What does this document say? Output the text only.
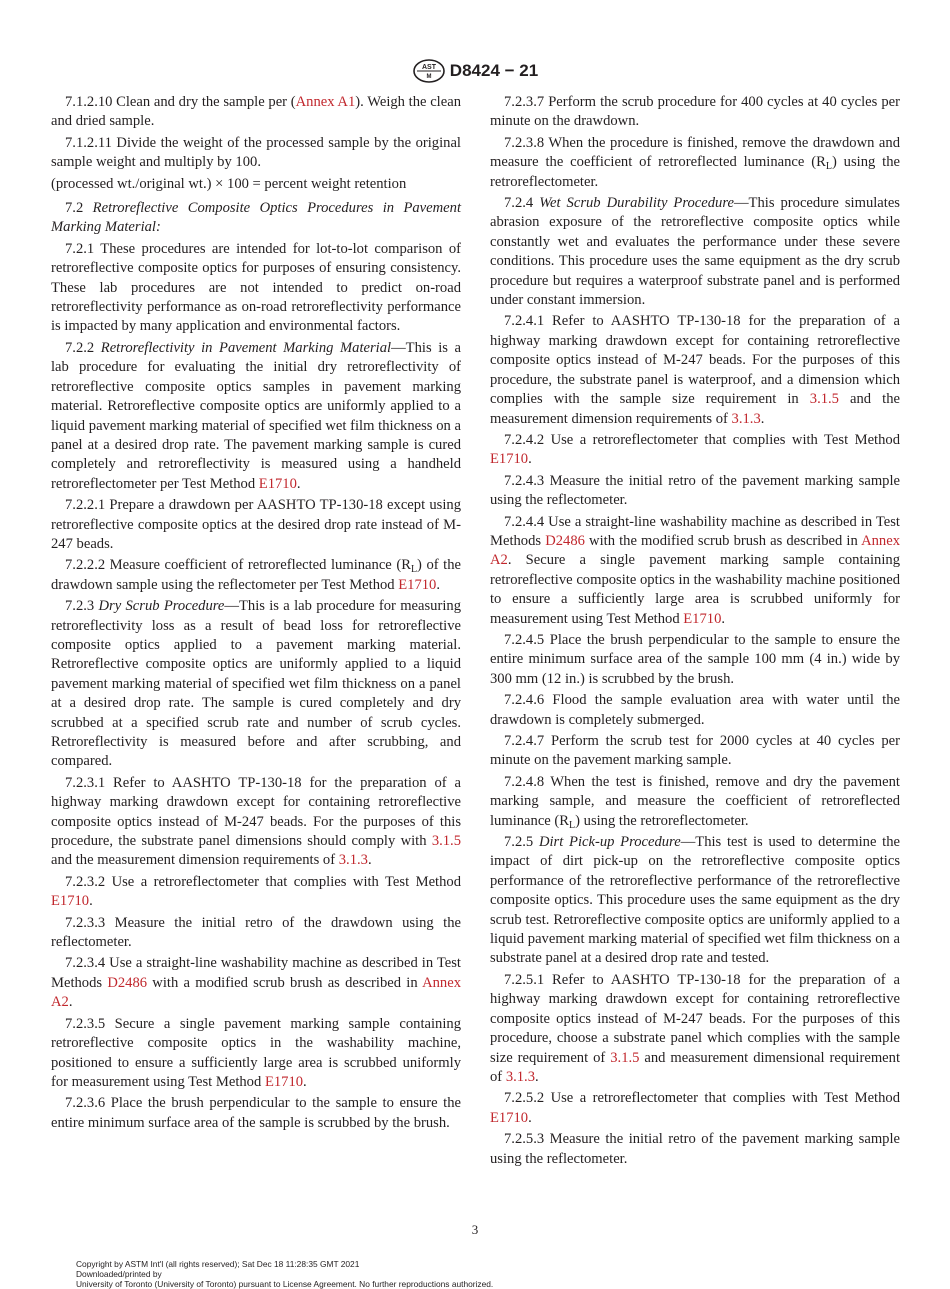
AST
M D8424 − 21

7.1.2.10 Clean and dry the sample per (Annex A1). Weigh the clean and dried sample.

7.1.2.11 Divide the weight of the processed sample by the original sample weight and multiply by 100.

(processed wt./original wt.) × 100 = percent weight retention

7.2 Retroreflective Composite Optics Procedures in Pavement Marking Material:

7.2.1 These procedures are intended for lot-to-lot comparison of retroreflective composite optics for purposes of ensuring consistency. These lab procedures are not intended to predict on-road retroreflectivity performance as on-road retroreflectivity performance is impacted by many application and environmental factors.

7.2.2 Retroreflectivity in Pavement Marking Material—This is a lab procedure for evaluating the initial dry retroreflectivity of retroreflective composite optics samples in pavement marking material. Retroreflective composite optics are uniformly applied to a liquid pavement marking material of specified wet film thickness on a panel at a desired drop rate. The pavement marking sample is cured completely and retroreflectivity is measured using a handheld retroreflectometer per Test Method E1710.

7.2.2.1 Prepare a drawdown per AASHTO TP-130-18 except using retroreflective composite optics at the desired drop rate instead of M-247 beads.

7.2.2.2 Measure coefficient of retroreflected luminance $(R_L)$ of the drawdown sample using the reflectometer per Test Method E1710.

7.2.3 Dry Scrub Procedure—This is a lab procedure for measuring retroreflectivity loss as a result of bead loss for retroreflective composite optics applied to a pavement marking material. Retroreflective composite optics are uniformly applied to a liquid pavement marking material of specified wet film thickness on a panel at a desired drop rate. The sample is cured completely and dry scrubbed at a specified scrub rate and number of scrub cycles. Retroreflectivity is measured before and after scrubbing, and compared.

7.2.3.1 Refer to AASHTO TP-130-18 for the preparation of a highway marking drawdown except for containing retroreflective composite optics instead of M-247 beads. For the purposes of this procedure, the substrate panel dimensions should comply with 3.1.5 and the measurement dimension requirements of 3.1.3.

7.2.3.2 Use a retroreflectometer that complies with Test Method E1710.

7.2.3.3 Measure the initial retro of the drawdown using the reflectometer.

7.2.3.4 Use a straight-line washability machine as described in Test Methods D2486 with a modified scrub brush as described in Annex A2.

7.2.3.5 Secure a single pavement marking sample containing retroreflective composite optics in the washability machine, positioned to ensure a sufficiently large area is scrubbed uniformly for measurement using Test Method E1710.

7.2.3.6 Place the brush perpendicular to the sample to ensure the entire minimum surface area of the sample is scrubbed by the brush.

7.2.3.7 Perform the scrub procedure for 400 cycles at 40 cycles per minute on the drawdown.

7.2.3.8 When the procedure is finished, remove the drawdown and measure the coefficient of retroreflected luminance $(R_L)$ using the retroreflectometer.

7.2.4 Wet Scrub Durability Procedure—This procedure simulates abrasion exposure of the retroreflective composite optics while constantly wet and evaluates the performance under these severe conditions. This procedure uses the same equipment as the dry scrub procedure but requires a waterproof substrate panel and is performed under constant immersion.

7.2.4.1 Refer to AASHTO TP-130-18 for the preparation of a highway marking drawdown except for containing retroreflective composite optics instead of M-247 beads. For the purposes of this procedure, the substrate panel is waterproof, and a dimension which complies with the sample size requirement in 3.1.5 and the measurement dimension requirements of 3.1.3.

7.2.4.2 Use a retroreflectometer that complies with Test Method E1710.

7.2.4.3 Measure the initial retro of the pavement marking sample using the reflectometer.

7.2.4.4 Use a straight-line washability machine as described in Test Methods D2486 with the modified scrub brush as described in Annex A2. Secure a single pavement marking sample containing retroreflective composite optics in the washability machine positioned to ensure a sufficiently large area is scrubbed uniformly for measurement using Test Method E1710.

7.2.4.5 Place the brush perpendicular to the sample to ensure the entire minimum surface area of the sample 100 mm (4 in.) wide by 300 mm (12 in.) is scrubbed by the brush.

7.2.4.6 Flood the sample evaluation area with water until the drawdown is completely submerged.

7.2.4.7 Perform the scrub test for 2000 cycles at 40 cycles per minute on the pavement marking sample.

7.2.4.8 When the test is finished, remove and dry the pavement marking sample, and measure the coefficient of retroreflected luminance $(R_L)$ using the retroreflectometer.

7.2.5 Dirt Pick-up Procedure—This test is used to determine the impact of dirt pick-up on the retroreflective composite optics performance of the retroreflective performance of the retroreflective composite optics. This procedure uses the same equipment as the dry scrub test. Retroreflective composite optics are uniformly applied to a liquid pavement marking material of specified wet film thickness on a substrate panel at a desired drop rate and tested.

7.2.5.1 Refer to AASHTO TP-130-18 for the preparation of a highway marking drawdown except for containing retroreflective composite optics instead of M-247 beads. For the purposes of this procedure, choose a substrate panel which complies with the sample size requirement of 3.1.5 and measurement dimensional requirement of 3.1.3.

7.2.5.2 Use a retroreflectometer that complies with Test Method E1710.

7.2.5.3 Measure the initial retro of the pavement marking sample using the reflectometer.

3
Copyright by ASTM Int'l (all rights reserved); Sat Dec 18 11:28:35 GMT 2021
Downloaded/printed by
University of Toronto (University of Toronto) pursuant to License Agreement. No further reproductions authorized.
